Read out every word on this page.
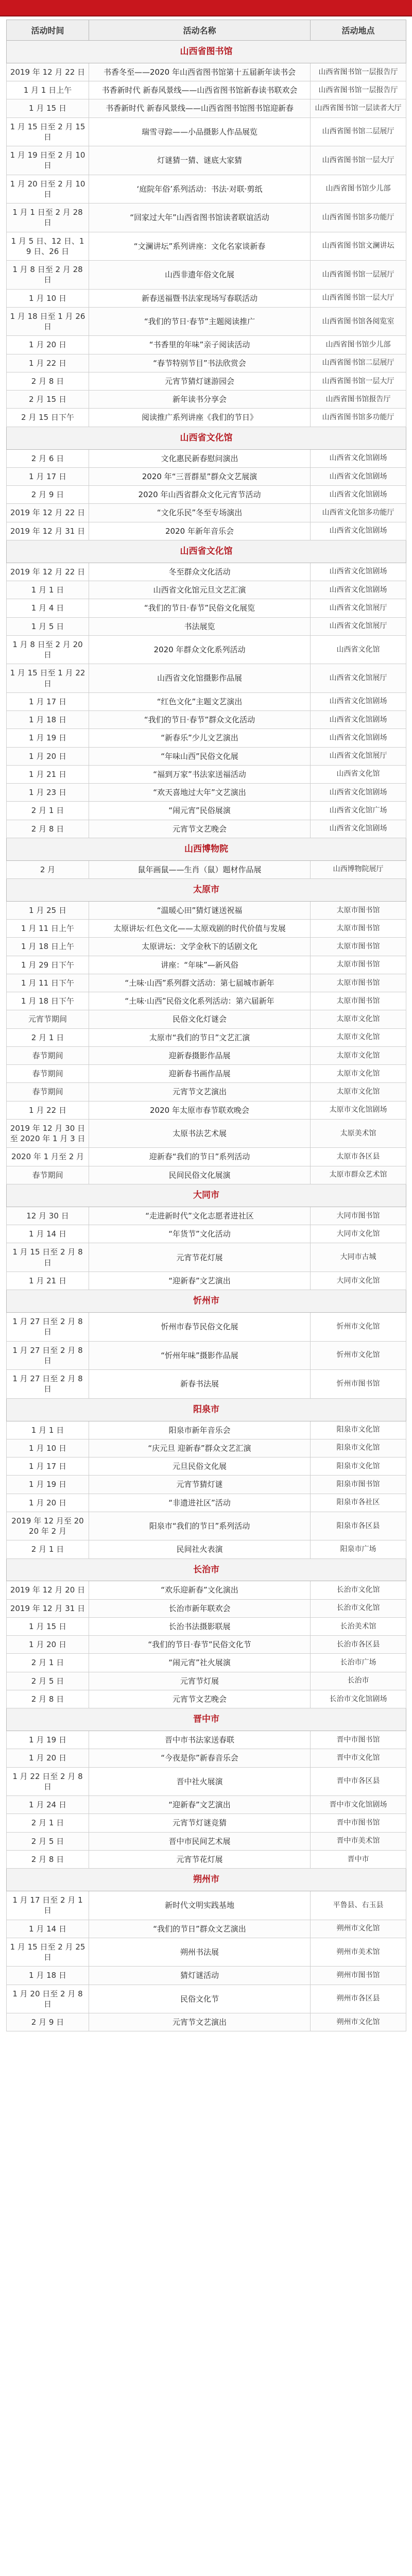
活动时间	活动名称	活动地点
山西省图书馆		
2019 年 12 月 22 日	书香冬至——2020 年山西省图书馆第十五届新年读书会	山西省图书馆一层报告厅
1 月 1 日上午	书香新时代 新春风景线——山西省图书馆新春读书联欢会	山西省图书馆一层报告厅
1 月 15 日	书香新时代 新春风景线——山西省图书馆图书馆迎新春	山西省图书馆一层读者大厅
1 月 15 日至 2 月 15 日	瑞雪寻踪——小品摄影人作品展览	山西省图书馆二层展厅
1 月 19 日至 2 月 10 日	灯谜猜一猜、谜底大家猜	山西省图书馆一层大厅
1 月 20 日至 2 月 10 日	‘庭院年俗’系列活动：书法·对联·剪纸	山西省图书馆少儿部
1 月 1 日至 2 月 28 日	“回家过大年”山西省图书馆读者联谊活动	山西省图书馆多功能厅
1 月 5 日、12 日、19 日、26 日	“文澜讲坛”系列讲座：文化名家谈新春	山西省图书馆文澜讲坛
1 月 8 日至 2 月 28 日	山西非遗年俗文化展	山西省图书馆一层展厅
1 月 10 日	新春送福暨书法家现场写春联活动	山西省图书馆一层大厅
1 月 18 日至 1 月 26 日	“我们的节日·春节”主题阅读推广	山西省图书馆各阅览室
1 月 20 日	“书香里的年味”亲子阅读活动	山西省图书馆少儿部
1 月 22 日	“春节特别节目”书法欣赏会	山西省图书馆二层展厅
2 月 8 日	元宵节猜灯谜游园会	山西省图书馆一层大厅
2 月 15 日	新年读书分享会	山西省图书馆报告厅
2 月 15 日下午	阅读推广系列讲座《我们的节日》	山西省图书馆多功能厅
山西省文化馆		
2 月 6 日	文化惠民新春慰问演出	山西省文化馆剧场
1 月 17 日	2020 年“三晋群星”群众文艺展演	山西省文化馆剧场
2 月 9 日	2020 年山西省群众文化元宵节活动	山西省文化馆剧场
2019 年 12 月 22 日	“文化乐民”冬至专场演出	山西省文化馆多功能厅
2019 年 12 月 31 日	2020 年新年音乐会	山西省文化馆剧场
山西省文化馆		
2019 年 12 月 22 日	冬至群众文化活动	山西省文化馆剧场
1 月 1 日	山西省文化馆元旦文艺汇演	山西省文化馆剧场
1 月 4 日	“我们的节日·春节”民俗文化展览	山西省文化馆展厅
1 月 5 日	书法展览	山西省文化馆展厅
1 月 8 日至 2 月 20 日	2020 年群众文化系列活动	山西省文化馆
1 月 15 日至 1 月 22 日	山西省文化馆摄影作品展	山西省文化馆展厅
1 月 17 日	“红色文化”主题文艺演出	山西省文化馆剧场
1 月 18 日	“我们的节日·春节”群众文化活动	山西省文化馆剧场
1 月 19 日	“新春乐”少儿文艺演出	山西省文化馆剧场
1 月 20 日	“年味山西”民俗文化展	山西省文化馆展厅
1 月 21 日	“福到万家”书法家送福活动	山西省文化馆
1 月 23 日	“欢天喜地过大年”文艺演出	山西省文化馆剧场
2 月 1 日	“闹元宵”民俗展演	山西省文化馆广场
2 月 8 日	元宵节文艺晚会	山西省文化馆剧场
山西博物院		
2 月	鼠年画鼠——生肖（鼠）题材作品展	山西博物院展厅
太原市		
1 月 25 日	“温暖心田”猜灯谜送祝福	太原市图书馆
1 月 11 日上午	太原讲坛·红色文化——太原戏剧的时代价值与发展	太原市图书馆
1 月 18 日上午	太原讲坛：文学金秋下的话剧文化	太原市图书馆
1 月 29 日下午	讲座：“年味”—新风俗	太原市图书馆
1 月 11 日下午	“土味·山西”系列群文活动：第七届城市新年	太原市图书馆
1 月 18 日下午	“土味·山西”民俗文化系列活动：第六届新年	太原市图书馆
元宵节期间	民俗文化灯谜会	太原市文化馆
2 月 1 日	太原市“我们的节日”文艺汇演	太原市文化馆
春节期间	迎新春摄影作品展	太原市文化馆
春节期间	迎新春书画作品展	太原市文化馆
春节期间	元宵节文艺演出	太原市文化馆
1 月 22 日	2020 年太原市春节联欢晚会	太原市文化馆剧场
2019 年 12 月 30 日至 2020 年 1 月 3 日	太原书法艺术展	太原美术馆
2020 年 1 月至 2 月	迎新春“我们的节日”系列活动	太原市各区县
春节期间	民间民俗文化展演	太原市群众艺术馆
大同市		
12 月 30 日	“走进新时代”文化志愿者进社区	大同市图书馆
1 月 14 日	“年货节”文化活动	大同市文化馆
1 月 15 日至 2 月 8 日	元宵节花灯展	大同市古城
1 月 21 日	“迎新春”文艺演出	大同市文化馆
忻州市		
1 月 27 日至 2 月 8 日	忻州市春节民俗文化展	忻州市文化馆
1 月 27 日至 2 月 8 日	“忻州年味”摄影作品展	忻州市文化馆
1 月 27 日至 2 月 8 日	新春书法展	忻州市图书馆
阳泉市		
1 月 1 日	阳泉市新年音乐会	阳泉市文化馆
1 月 10 日	“庆元旦 迎新春”群众文艺汇演	阳泉市文化馆
1 月 17 日	元旦民俗文化展	阳泉市文化馆
1 月 19 日	元宵节猜灯谜	阳泉市图书馆
1 月 20 日	“非遗进社区”活动	阳泉市各社区
2019 年 12 月至 2020 年 2 月	阳泉市“我们的节日”系列活动	阳泉市各区县
2 月 1 日	民间社火表演	阳泉市广场
长治市		
2019 年 12 月 20 日	“欢乐迎新春”文化演出	长治市文化馆
2019 年 12 月 31 日	长治市新年联欢会	长治市文化馆
1 月 15 日	长治书法摄影联展	长治美术馆
1 月 20 日	“我们的节日·春节”民俗文化节	长治市各区县
2 月 1 日	“闹元宵”社火展演	长治市广场
2 月 5 日	元宵节灯展	长治市
2 月 8 日	元宵节文艺晚会	长治市文化馆剧场
晋中市		
1 月 19 日	晋中市书法家送春联	晋中市图书馆
1 月 20 日	“今夜是你”新春音乐会	晋中市文化馆
1 月 22 日至 2 月 8 日	晋中社火展演	晋中市各区县
1 月 24 日	“迎新春”文艺演出	晋中市文化馆剧场
2 月 1 日	元宵节灯谜竞猜	晋中市图书馆
2 月 5 日	晋中市民间艺术展	晋中市美术馆
2 月 8 日	元宵节花灯展	晋中市
朔州市		
1 月 17 日至 2 月 1 日	新时代文明实践基地	平鲁县、右玉县
1 月 14 日	“我们的节日”群众文艺演出	朔州市文化馆
1 月 15 日至 2 月 25 日	朔州书法展	朔州市美术馆
1 月 18 日	猜灯谜活动	朔州市图书馆
1 月 20 日至 2 月 8 日	民俗文化节	朔州市各区县
2 月 9 日	元宵节文艺演出	朔州市文化馆
